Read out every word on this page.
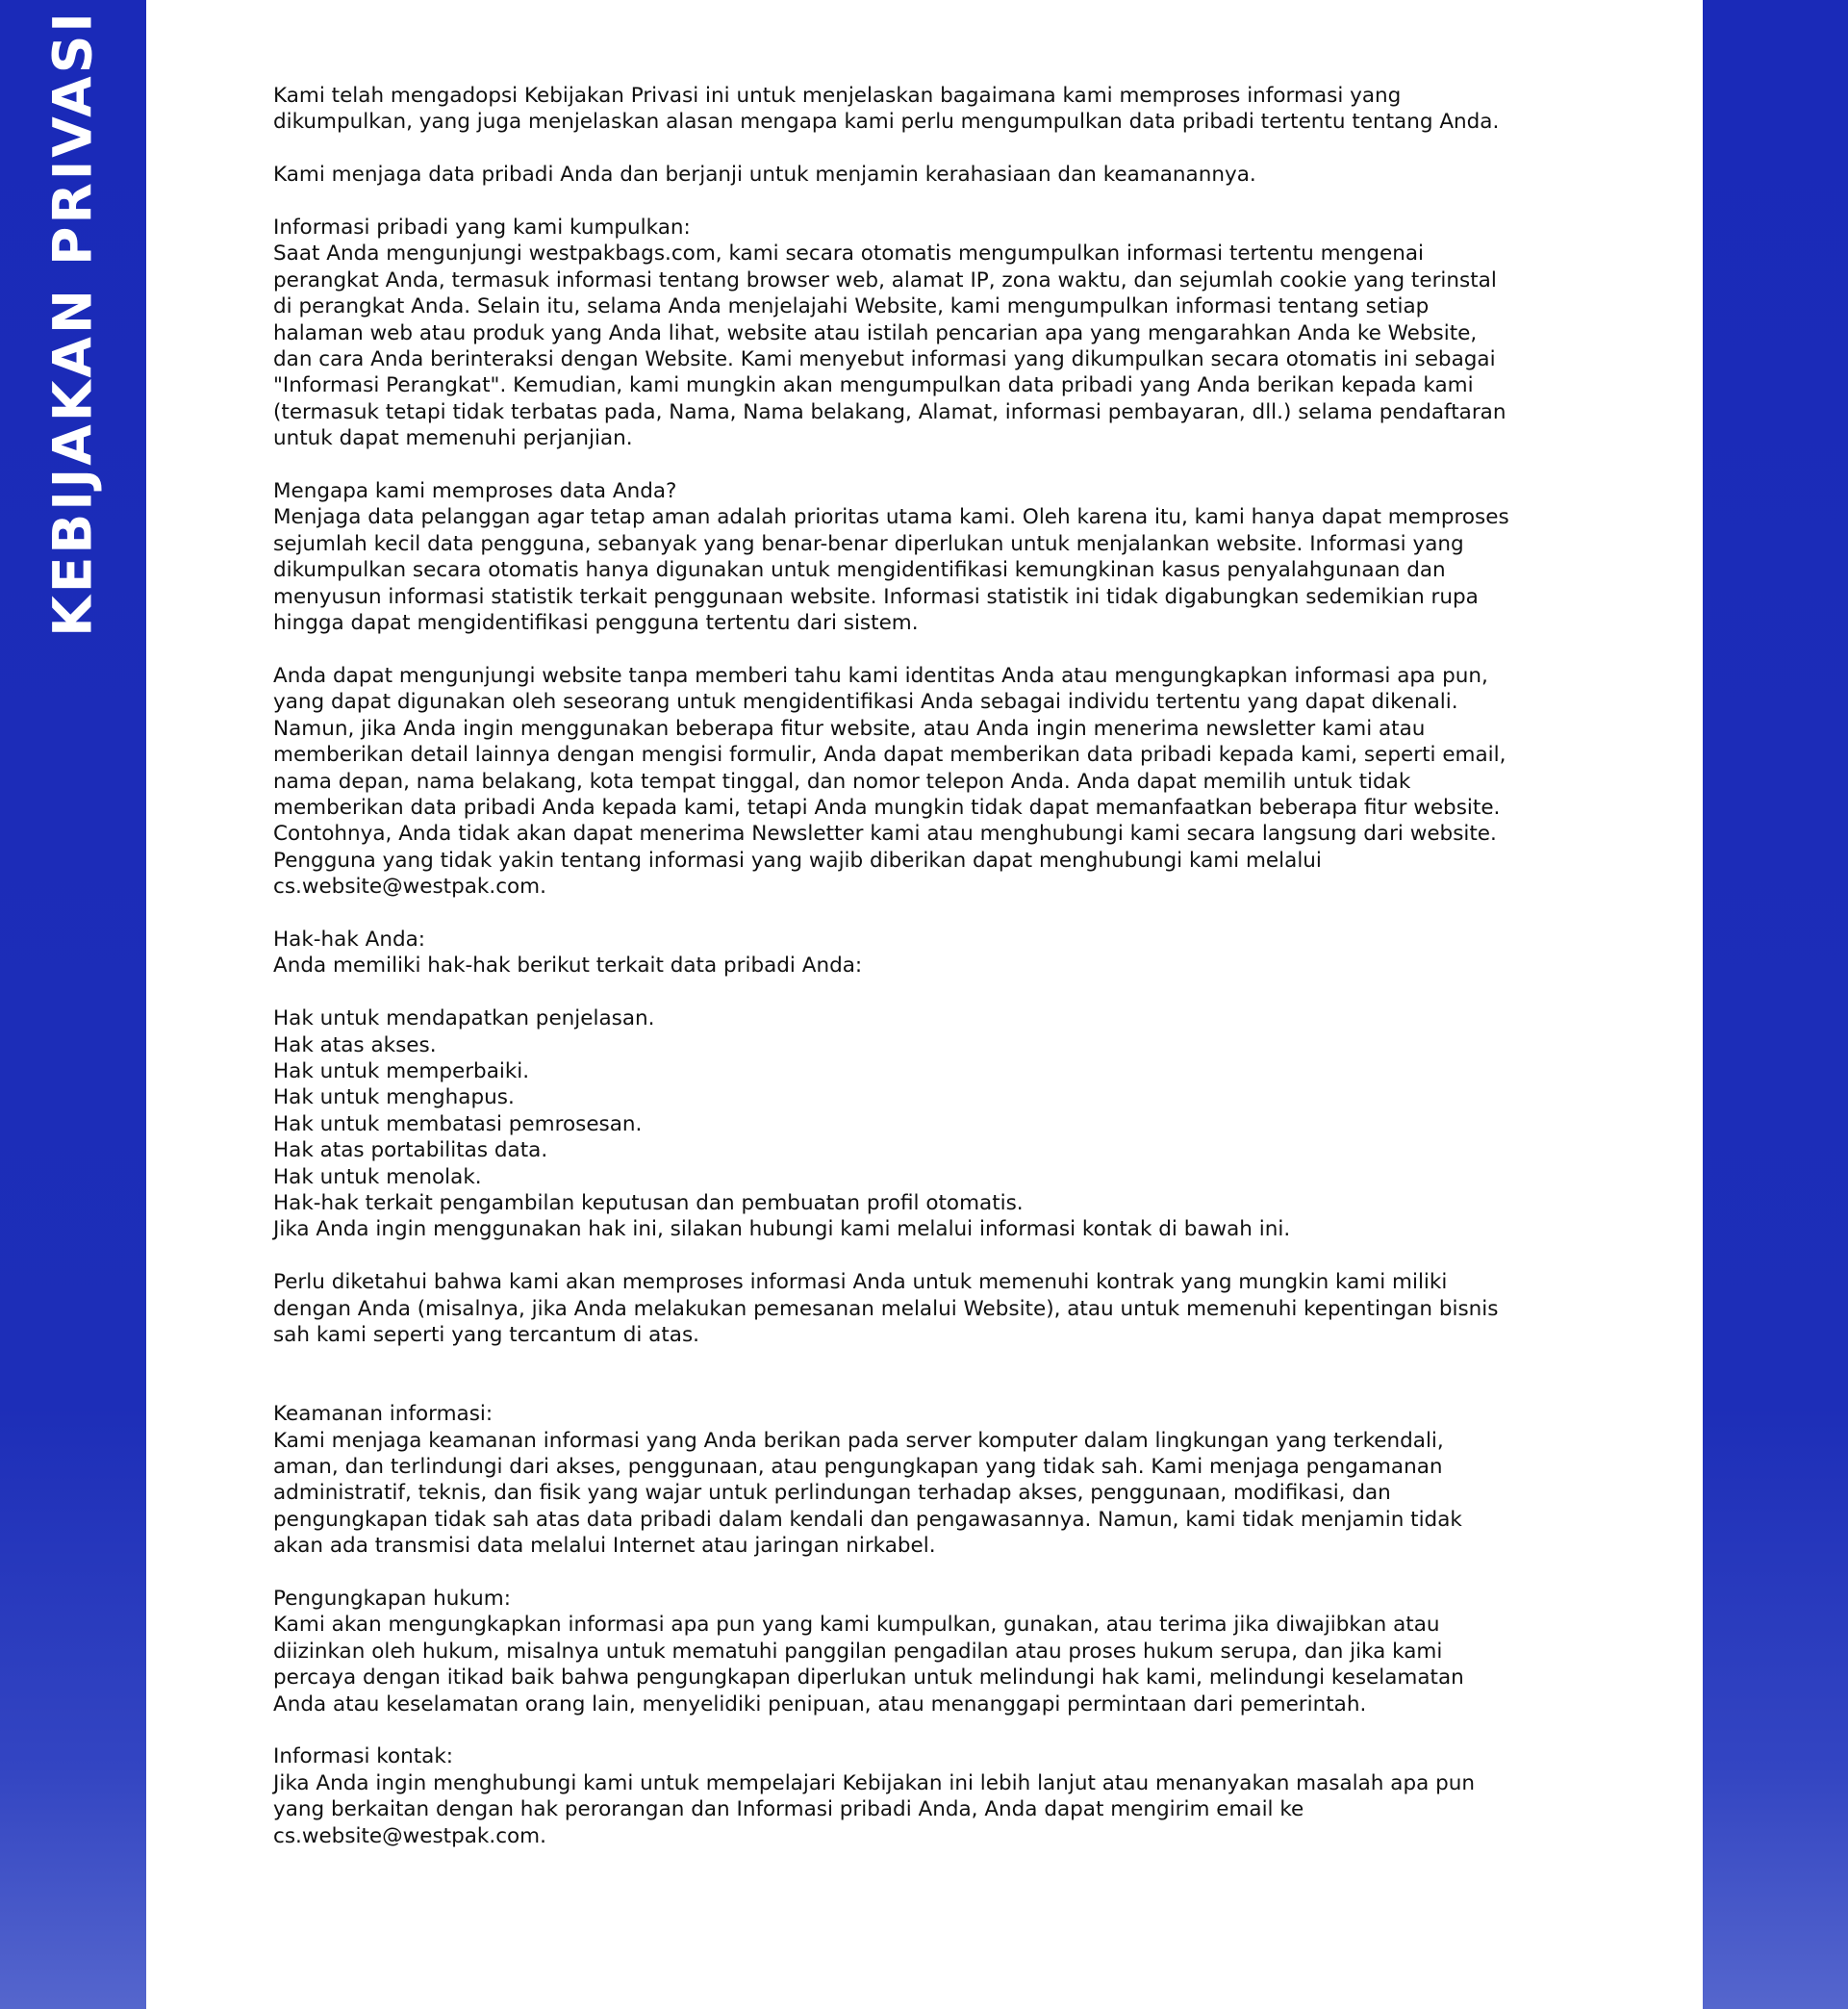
KEBIJAKAN PRIVASI	Kami telah mengadopsi Kebijakan Privasi ini untuk menjelaskan bagaimana kami memproses informasi yang
dikumpulkan, yang juga menjelaskan alasan mengapa kami perlu mengumpulkan data pribadi tertentu tentang Anda.
Kami menjaga data pribadi Anda dan berjanji untuk menjamin kerahasiaan dan keamanannya.
Informasi pribadi yang kami kumpulkan:
Saat Anda mengunjungi westpakbags.com, kami secara otomatis mengumpulkan informasi tertentu mengenai
perangkat Anda, termasuk informasi tentang browser web, alamat IP, zona waktu, dan sejumlah cookie yang terinstal
di perangkat Anda. Selain itu, selama Anda menjelajahi Website, kami mengumpulkan informasi tentang setiap
halaman web atau produk yang Anda lihat, website atau istilah pencarian apa yang mengarahkan Anda ke Website,
dan cara Anda berinteraksi dengan Website. Kami menyebut informasi yang dikumpulkan secara otomatis ini sebagai
"Informasi Perangkat". Kemudian, kami mungkin akan mengumpulkan data pribadi yang Anda berikan kepada kami
(termasuk tetapi tidak terbatas pada, Nama, Nama belakang, Alamat, informasi pembayaran, dll.) selama pendaftaran
untuk dapat memenuhi perjanjian.
Mengapa kami memproses data Anda?
Menjaga data pelanggan agar tetap aman adalah prioritas utama kami. Oleh karena itu, kami hanya dapat memproses
sejumlah kecil data pengguna, sebanyak yang benar-benar diperlukan untuk menjalankan website. Informasi yang
dikumpulkan secara otomatis hanya digunakan untuk mengidentifikasi kemungkinan kasus penyalahgunaan dan
menyusun informasi statistik terkait penggunaan website. Informasi statistik ini tidak digabungkan sedemikian rupa
hingga dapat mengidentifikasi pengguna tertentu dari sistem.
Anda dapat mengunjungi website tanpa memberi tahu kami identitas Anda atau mengungkapkan informasi apa pun,
yang dapat digunakan oleh seseorang untuk mengidentifikasi Anda sebagai individu tertentu yang dapat dikenali.
Namun, jika Anda ingin menggunakan beberapa fitur website, atau Anda ingin menerima newsletter kami atau
memberikan detail lainnya dengan mengisi formulir, Anda dapat memberikan data pribadi kepada kami, seperti email,
nama depan, nama belakang, kota tempat tinggal, dan nomor telepon Anda. Anda dapat memilih untuk tidak
memberikan data pribadi Anda kepada kami, tetapi Anda mungkin tidak dapat memanfaatkan beberapa fitur website.
Contohnya, Anda tidak akan dapat menerima Newsletter kami atau menghubungi kami secara langsung dari website.
Pengguna yang tidak yakin tentang informasi yang wajib diberikan dapat menghubungi kami melalui
cs.website@westpak.com.
Hak-hak Anda:
Anda memiliki hak-hak berikut terkait data pribadi Anda:
Hak untuk mendapatkan penjelasan.
Hak atas akses.
Hak untuk memperbaiki.
Hak untuk menghapus.
Hak untuk membatasi pemrosesan.
Hak atas portabilitas data.
Hak untuk menolak.
Hak-hak terkait pengambilan keputusan dan pembuatan profil otomatis.
Jika Anda ingin menggunakan hak ini, silakan hubungi kami melalui informasi kontak di bawah ini.
Perlu diketahui bahwa kami akan memproses informasi Anda untuk memenuhi kontrak yang mungkin kami miliki
dengan Anda (misalnya, jika Anda melakukan pemesanan melalui Website), atau untuk memenuhi kepentingan bisnis
sah kami seperti yang tercantum di atas.
Keamanan informasi:
Kami menjaga keamanan informasi yang Anda berikan pada server komputer dalam lingkungan yang terkendali,
aman, dan terlindungi dari akses, penggunaan, atau pengungkapan yang tidak sah. Kami menjaga pengamanan
administratif, teknis, dan fisik yang wajar untuk perlindungan terhadap akses, penggunaan, modifikasi, dan
pengungkapan tidak sah atas data pribadi dalam kendali dan pengawasannya. Namun, kami tidak menjamin tidak
akan ada transmisi data melalui Internet atau jaringan nirkabel.
Pengungkapan hukum:
Kami akan mengungkapkan informasi apa pun yang kami kumpulkan, gunakan, atau terima jika diwajibkan atau
diizinkan oleh hukum, misalnya untuk mematuhi panggilan pengadilan atau proses hukum serupa, dan jika kami
percaya dengan itikad baik bahwa pengungkapan diperlukan untuk melindungi hak kami, melindungi keselamatan
Anda atau keselamatan orang lain, menyelidiki penipuan, atau menanggapi permintaan dari pemerintah.
Informasi kontak:
Jika Anda ingin menghubungi kami untuk mempelajari Kebijakan ini lebih lanjut atau menanyakan masalah apa pun
yang berkaitan dengan hak perorangan dan Informasi pribadi Anda, Anda dapat mengirim email ke
cs.website@westpak.com.
